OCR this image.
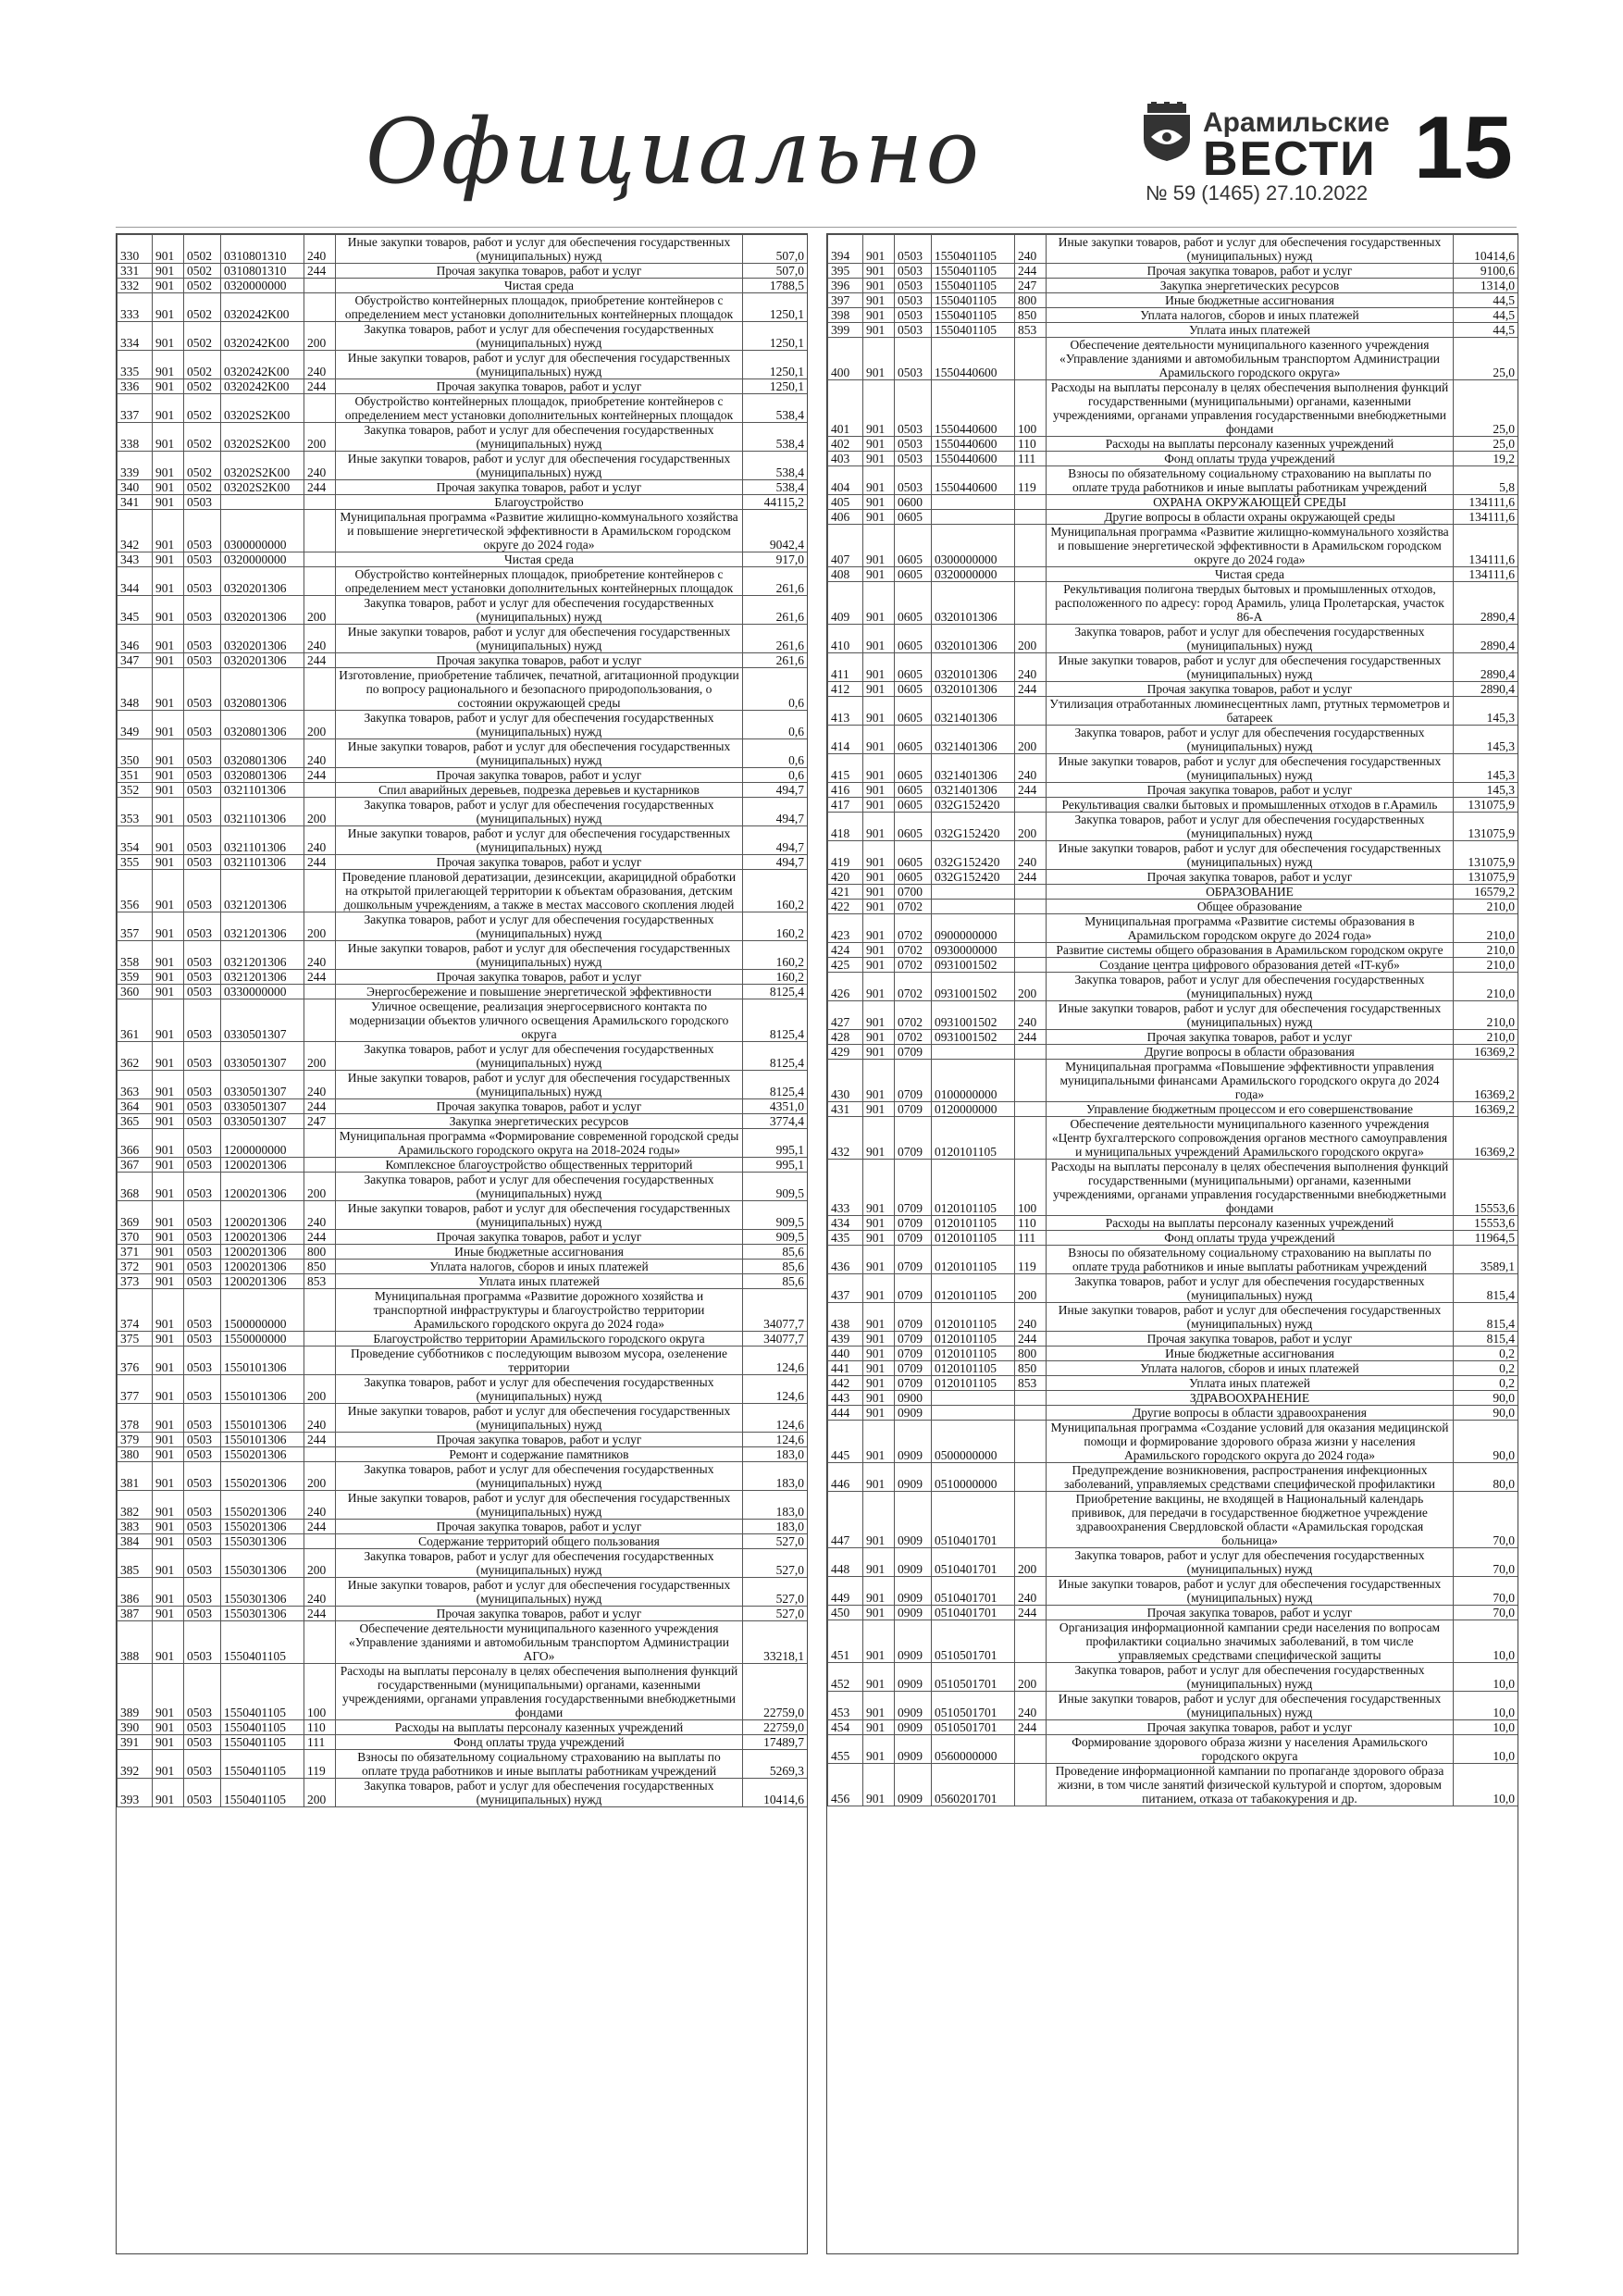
Официально	Арамильские
ВЕСТИ 15
№ 59 (1465) 27.10.2022
330	901	0502	0310801310	240	Иные закупки товаров, работ и услуг для обеспечения государственных (муниципальных) нужд	507,0
331	901	0502	0310801310	244	Прочая закупка товаров, работ и услуг	507,0
332	901	0502	0320000000		Чистая среда	1788,5
333	901	0502	0320242K00		Обустройство контейнерных площадок, приобретение контейнеров с определением мест установки дополнительных контейнерных площадок	1250,1
334	901	0502	0320242K00	200	Закупка товаров, работ и услуг для обеспечения государственных (муниципальных) нужд	1250,1
335	901	0502	0320242K00	240	Иные закупки товаров, работ и услуг для обеспечения государственных (муниципальных) нужд	1250,1
336	901	0502	0320242K00	244	Прочая закупка товаров, работ и услуг	1250,1
337	901	0502	03202S2K00		Обустройство контейнерных площадок, приобретение контейнеров с определением мест установки дополнительных контейнерных площадок	538,4
338	901	0502	03202S2K00	200	Закупка товаров, работ и услуг для обеспечения государственных (муниципальных) нужд	538,4
339	901	0502	03202S2K00	240	Иные закупки товаров, работ и услуг для обеспечения государственных (муниципальных) нужд	538,4
340	901	0502	03202S2K00	244	Прочая закупка товаров, работ и услуг	538,4
341	901	0503			Благоустройство	44115,2
342	901	0503	0300000000		Муниципальная программа «Развитие жилищно-коммунального хозяйства и повышение энергетической эффективности в Арамильском городском округе до 2024 года»	9042,4
343	901	0503	0320000000		Чистая среда	917,0
344	901	0503	0320201306		Обустройство контейнерных площадок, приобретение контейнеров с определением мест установки дополнительных контейнерных площадок	261,6
345	901	0503	0320201306	200	Закупка товаров, работ и услуг для обеспечения государственных (муниципальных) нужд	261,6
346	901	0503	0320201306	240	Иные закупки товаров, работ и услуг для обеспечения государственных (муниципальных) нужд	261,6
347	901	0503	0320201306	244	Прочая закупка товаров, работ и услуг	261,6
348	901	0503	0320801306		Изготовление, приобретение табличек, печатной, агитационной продукции по вопросу рационального и безопасного природопользования, о состоянии окружающей среды	0,6
349	901	0503	0320801306	200	Закупка товаров, работ и услуг для обеспечения государственных (муниципальных) нужд	0,6
350	901	0503	0320801306	240	Иные закупки товаров, работ и услуг для обеспечения государственных (муниципальных) нужд	0,6
351	901	0503	0320801306	244	Прочая закупка товаров, работ и услуг	0,6
352	901	0503	0321101306		Спил аварийных деревьев, подрезка деревьев и кустарников	494,7
353	901	0503	0321101306	200	Закупка товаров, работ и услуг для обеспечения государственных (муниципальных) нужд	494,7
354	901	0503	0321101306	240	Иные закупки товаров, работ и услуг для обеспечения государственных (муниципальных) нужд	494,7
355	901	0503	0321101306	244	Прочая закупка товаров, работ и услуг	494,7
356	901	0503	0321201306		Проведение плановой дератизации, дезинсекции, акарицидной обработки на открытой прилегающей территории к объектам образования, детским дошкольным учреждениям, а также в местах массового скопления людей	160,2
357	901	0503	0321201306	200	Закупка товаров, работ и услуг для обеспечения государственных (муниципальных) нужд	160,2
358	901	0503	0321201306	240	Иные закупки товаров, работ и услуг для обеспечения государственных (муниципальных) нужд	160,2
359	901	0503	0321201306	244	Прочая закупка товаров, работ и услуг	160,2
360	901	0503	0330000000		Энергосбережение и повышение энергетической эффективности	8125,4
361	901	0503	0330501307		Уличное освещение, реализация энергосервисного контакта по модернизации объектов уличного освещения Арамильского городского округа	8125,4
362	901	0503	0330501307	200	Закупка товаров, работ и услуг для обеспечения государственных (муниципальных) нужд	8125,4
363	901	0503	0330501307	240	Иные закупки товаров, работ и услуг для обеспечения государственных (муниципальных) нужд	8125,4
364	901	0503	0330501307	244	Прочая закупка товаров, работ и услуг	4351,0
365	901	0503	0330501307	247	Закупка энергетических ресурсов	3774,4
366	901	0503	1200000000		Муниципальная программа «Формирование современной городской среды Арамильского городского округа на 2018-2024 годы»	995,1
367	901	0503	1200201306		Комплексное благоустройство общественных территорий	995,1
368	901	0503	1200201306	200	Закупка товаров, работ и услуг для обеспечения государственных (муниципальных) нужд	909,5
369	901	0503	1200201306	240	Иные закупки товаров, работ и услуг для обеспечения государственных (муниципальных) нужд	909,5
370	901	0503	1200201306	244	Прочая закупка товаров, работ и услуг	909,5
371	901	0503	1200201306	800	Иные бюджетные ассигнования	85,6
372	901	0503	1200201306	850	Уплата налогов, сборов и иных платежей	85,6
373	901	0503	1200201306	853	Уплата иных платежей	85,6
374	901	0503	1500000000		Муниципальная программа «Развитие дорожного хозяйства и транспортной инфраструктуры и благоустройство территории Арамильского городского округа до 2024 года»	34077,7
375	901	0503	1550000000		Благоустройство территории Арамильского городского округа	34077,7
376	901	0503	1550101306		Проведение субботников с последующим вывозом мусора, озеленение территории	124,6
377	901	0503	1550101306	200	Закупка товаров, работ и услуг для обеспечения государственных (муниципальных) нужд	124,6
378	901	0503	1550101306	240	Иные закупки товаров, работ и услуг для обеспечения государственных (муниципальных) нужд	124,6
379	901	0503	1550101306	244	Прочая закупка товаров, работ и услуг	124,6
380	901	0503	1550201306		Ремонт и содержание памятников	183,0
381	901	0503	1550201306	200	Закупка товаров, работ и услуг для обеспечения государственных (муниципальных) нужд	183,0
382	901	0503	1550201306	240	Иные закупки товаров, работ и услуг для обеспечения государственных (муниципальных) нужд	183,0
383	901	0503	1550201306	244	Прочая закупка товаров, работ и услуг	183,0
384	901	0503	1550301306		Содержание территорий общего пользования	527,0
385	901	0503	1550301306	200	Закупка товаров, работ и услуг для обеспечения государственных (муниципальных) нужд	527,0
386	901	0503	1550301306	240	Иные закупки товаров, работ и услуг для обеспечения государственных (муниципальных) нужд	527,0
387	901	0503	1550301306	244	Прочая закупка товаров, работ и услуг	527,0
388	901	0503	1550401105		Обеспечение деятельности муниципального казенного учреждения «Управление зданиями и автомобильным транспортом Администрации АГО»	33218,1
389	901	0503	1550401105	100	Расходы на выплаты персоналу в целях обеспечения выполнения функций государственными (муниципальными) органами, казенными учреждениями, органами управления государственными внебюджетными фондами	22759,0
390	901	0503	1550401105	110	Расходы на выплаты персоналу казенных учреждений	22759,0
391	901	0503	1550401105	111	Фонд оплаты труда учреждений	17489,7
392	901	0503	1550401105	119	Взносы по обязательному социальному страхованию на выплаты по оплате труда работников и иные выплаты работникам учреждений	5269,3
393	901	0503	1550401105	200	Закупка товаров, работ и услуг для обеспечения государственных (муниципальных) нужд	10414,6
394	901	0503	1550401105	240	Иные закупки товаров, работ и услуг для обеспечения государственных (муниципальных) нужд	10414,6
395	901	0503	1550401105	244	Прочая закупка товаров, работ и услуг	9100,6
396	901	0503	1550401105	247	Закупка энергетических ресурсов	1314,0
397	901	0503	1550401105	800	Иные бюджетные ассигнования	44,5
398	901	0503	1550401105	850	Уплата налогов, сборов и иных платежей	44,5
399	901	0503	1550401105	853	Уплата иных платежей	44,5
400	901	0503	1550440600		Обеспечение деятельности муниципального казенного учреждения «Управление зданиями и автомобильным транспортом Администрации Арамильского городского округа»	25,0
401	901	0503	1550440600	100	Расходы на выплаты персоналу в целях обеспечения выполнения функций государственными (муниципальными) органами, казенными учреждениями, органами управления государственными внебюджетными фондами	25,0
402	901	0503	1550440600	110	Расходы на выплаты персоналу казенных учреждений	25,0
403	901	0503	1550440600	111	Фонд оплаты труда учреждений	19,2
404	901	0503	1550440600	119	Взносы по обязательному социальному страхованию на выплаты по оплате труда работников и иные выплаты работникам учреждений	5,8
405	901	0600			ОХРАНА ОКРУЖАЮЩЕЙ СРЕДЫ	134111,6
406	901	0605			Другие вопросы в области охраны окружающей среды	134111,6
407	901	0605	0300000000		Муниципальная программа «Развитие жилищно-коммунального хозяйства и повышение энергетической эффективности в Арамильском городском округе до 2024 года»	134111,6
408	901	0605	0320000000		Чистая среда	134111,6
409	901	0605	0320101306		Рекультивация полигона твердых бытовых и промышленных отходов, расположенного по адресу: город Арамиль, улица Пролетарская, участок 86-А	2890,4
410	901	0605	0320101306	200	Закупка товаров, работ и услуг для обеспечения государственных (муниципальных) нужд	2890,4
411	901	0605	0320101306	240	Иные закупки товаров, работ и услуг для обеспечения государственных (муниципальных) нужд	2890,4
412	901	0605	0320101306	244	Прочая закупка товаров, работ и услуг	2890,4
413	901	0605	0321401306		Утилизация отработанных люминесцентных ламп, ртутных термометров и батареек	145,3
414	901	0605	0321401306	200	Закупка товаров, работ и услуг для обеспечения государственных (муниципальных) нужд	145,3
415	901	0605	0321401306	240	Иные закупки товаров, работ и услуг для обеспечения государственных (муниципальных) нужд	145,3
416	901	0605	0321401306	244	Прочая закупка товаров, работ и услуг	145,3
417	901	0605	032G152420		Рекультивация свалки бытовых и промышленных отходов в г.Арамиль	131075,9
418	901	0605	032G152420	200	Закупка товаров, работ и услуг для обеспечения государственных (муниципальных) нужд	131075,9
419	901	0605	032G152420	240	Иные закупки товаров, работ и услуг для обеспечения государственных (муниципальных) нужд	131075,9
420	901	0605	032G152420	244	Прочая закупка товаров, работ и услуг	131075,9
421	901	0700			ОБРАЗОВАНИЕ	16579,2
422	901	0702			Общее образование	210,0
423	901	0702	0900000000		Муниципальная программа «Развитие системы образования в Арамильском городском округе до 2024 года»	210,0
424	901	0702	0930000000		Развитие системы общего образования в Арамильском городском округе	210,0
425	901	0702	0931001502		Создание центра цифрового образования детей «IT-куб»	210,0
426	901	0702	0931001502	200	Закупка товаров, работ и услуг для обеспечения государственных (муниципальных) нужд	210,0
427	901	0702	0931001502	240	Иные закупки товаров, работ и услуг для обеспечения государственных (муниципальных) нужд	210,0
428	901	0702	0931001502	244	Прочая закупка товаров, работ и услуг	210,0
429	901	0709			Другие вопросы в области образования	16369,2
430	901	0709	0100000000		Муниципальная программа «Повышение эффективности управления муниципальными финансами Арамильского городского округа до 2024 года»	16369,2
431	901	0709	0120000000		Управление бюджетным процессом и его совершенствование	16369,2
432	901	0709	0120101105		Обеспечение деятельности муниципального казенного учреждения «Центр бухгалтерского сопровождения органов местного самоуправления и муниципальных учреждений Арамильского городского округа»	16369,2
433	901	0709	0120101105	100	Расходы на выплаты персоналу в целях обеспечения выполнения функций государственными (муниципальными) органами, казенными учреждениями, органами управления государственными внебюджетными фондами	15553,6
434	901	0709	0120101105	110	Расходы на выплаты персоналу казенных учреждений	15553,6
435	901	0709	0120101105	111	Фонд оплаты труда учреждений	11964,5
436	901	0709	0120101105	119	Взносы по обязательному социальному страхованию на выплаты по оплате труда работников и иные выплаты работникам учреждений	3589,1
437	901	0709	0120101105	200	Закупка товаров, работ и услуг для обеспечения государственных (муниципальных) нужд	815,4
438	901	0709	0120101105	240	Иные закупки товаров, работ и услуг для обеспечения государственных (муниципальных) нужд	815,4
439	901	0709	0120101105	244	Прочая закупка товаров, работ и услуг	815,4
440	901	0709	0120101105	800	Иные бюджетные ассигнования	0,2
441	901	0709	0120101105	850	Уплата налогов, сборов и иных платежей	0,2
442	901	0709	0120101105	853	Уплата иных платежей	0,2
443	901	0900			ЗДРАВООХРАНЕНИЕ	90,0
444	901	0909			Другие вопросы в области здравоохранения	90,0
445	901	0909	0500000000		Муниципальная программа «Создание условий для оказания медицинской помощи и формирование здорового образа жизни у населения Арамильского городского округа до 2024 года»	90,0
446	901	0909	0510000000		Предупреждение возникновения, распространения инфекционных заболеваний, управляемых средствами специфической профилактики	80,0
447	901	0909	0510401701		Приобретение вакцины, не входящей в Национальный календарь прививок, для передачи в государственное бюджетное учреждение здравоохранения Свердловской области «Арамильская городская больница»	70,0
448	901	0909	0510401701	200	Закупка товаров, работ и услуг для обеспечения государственных (муниципальных) нужд	70,0
449	901	0909	0510401701	240	Иные закупки товаров, работ и услуг для обеспечения государственных (муниципальных) нужд	70,0
450	901	0909	0510401701	244	Прочая закупка товаров, работ и услуг	70,0
451	901	0909	0510501701		Организация информационной кампании среди населения по вопросам профилактики социально значимых заболеваний, в том числе управляемых средствами специфической защиты	10,0
452	901	0909	0510501701	200	Закупка товаров, работ и услуг для обеспечения государственных (муниципальных) нужд	10,0
453	901	0909	0510501701	240	Иные закупки товаров, работ и услуг для обеспечения государственных (муниципальных) нужд	10,0
454	901	0909	0510501701	244	Прочая закупка товаров, работ и услуг	10,0
455	901	0909	0560000000		Формирование здорового образа жизни у населения Арамильского городского округа	10,0
456	901	0909	0560201701		Проведение информационной кампании по пропаганде здорового образа жизни, в том числе занятий физической культурой и спортом, здоровым питанием, отказа от табакокурения и др.	10,0
